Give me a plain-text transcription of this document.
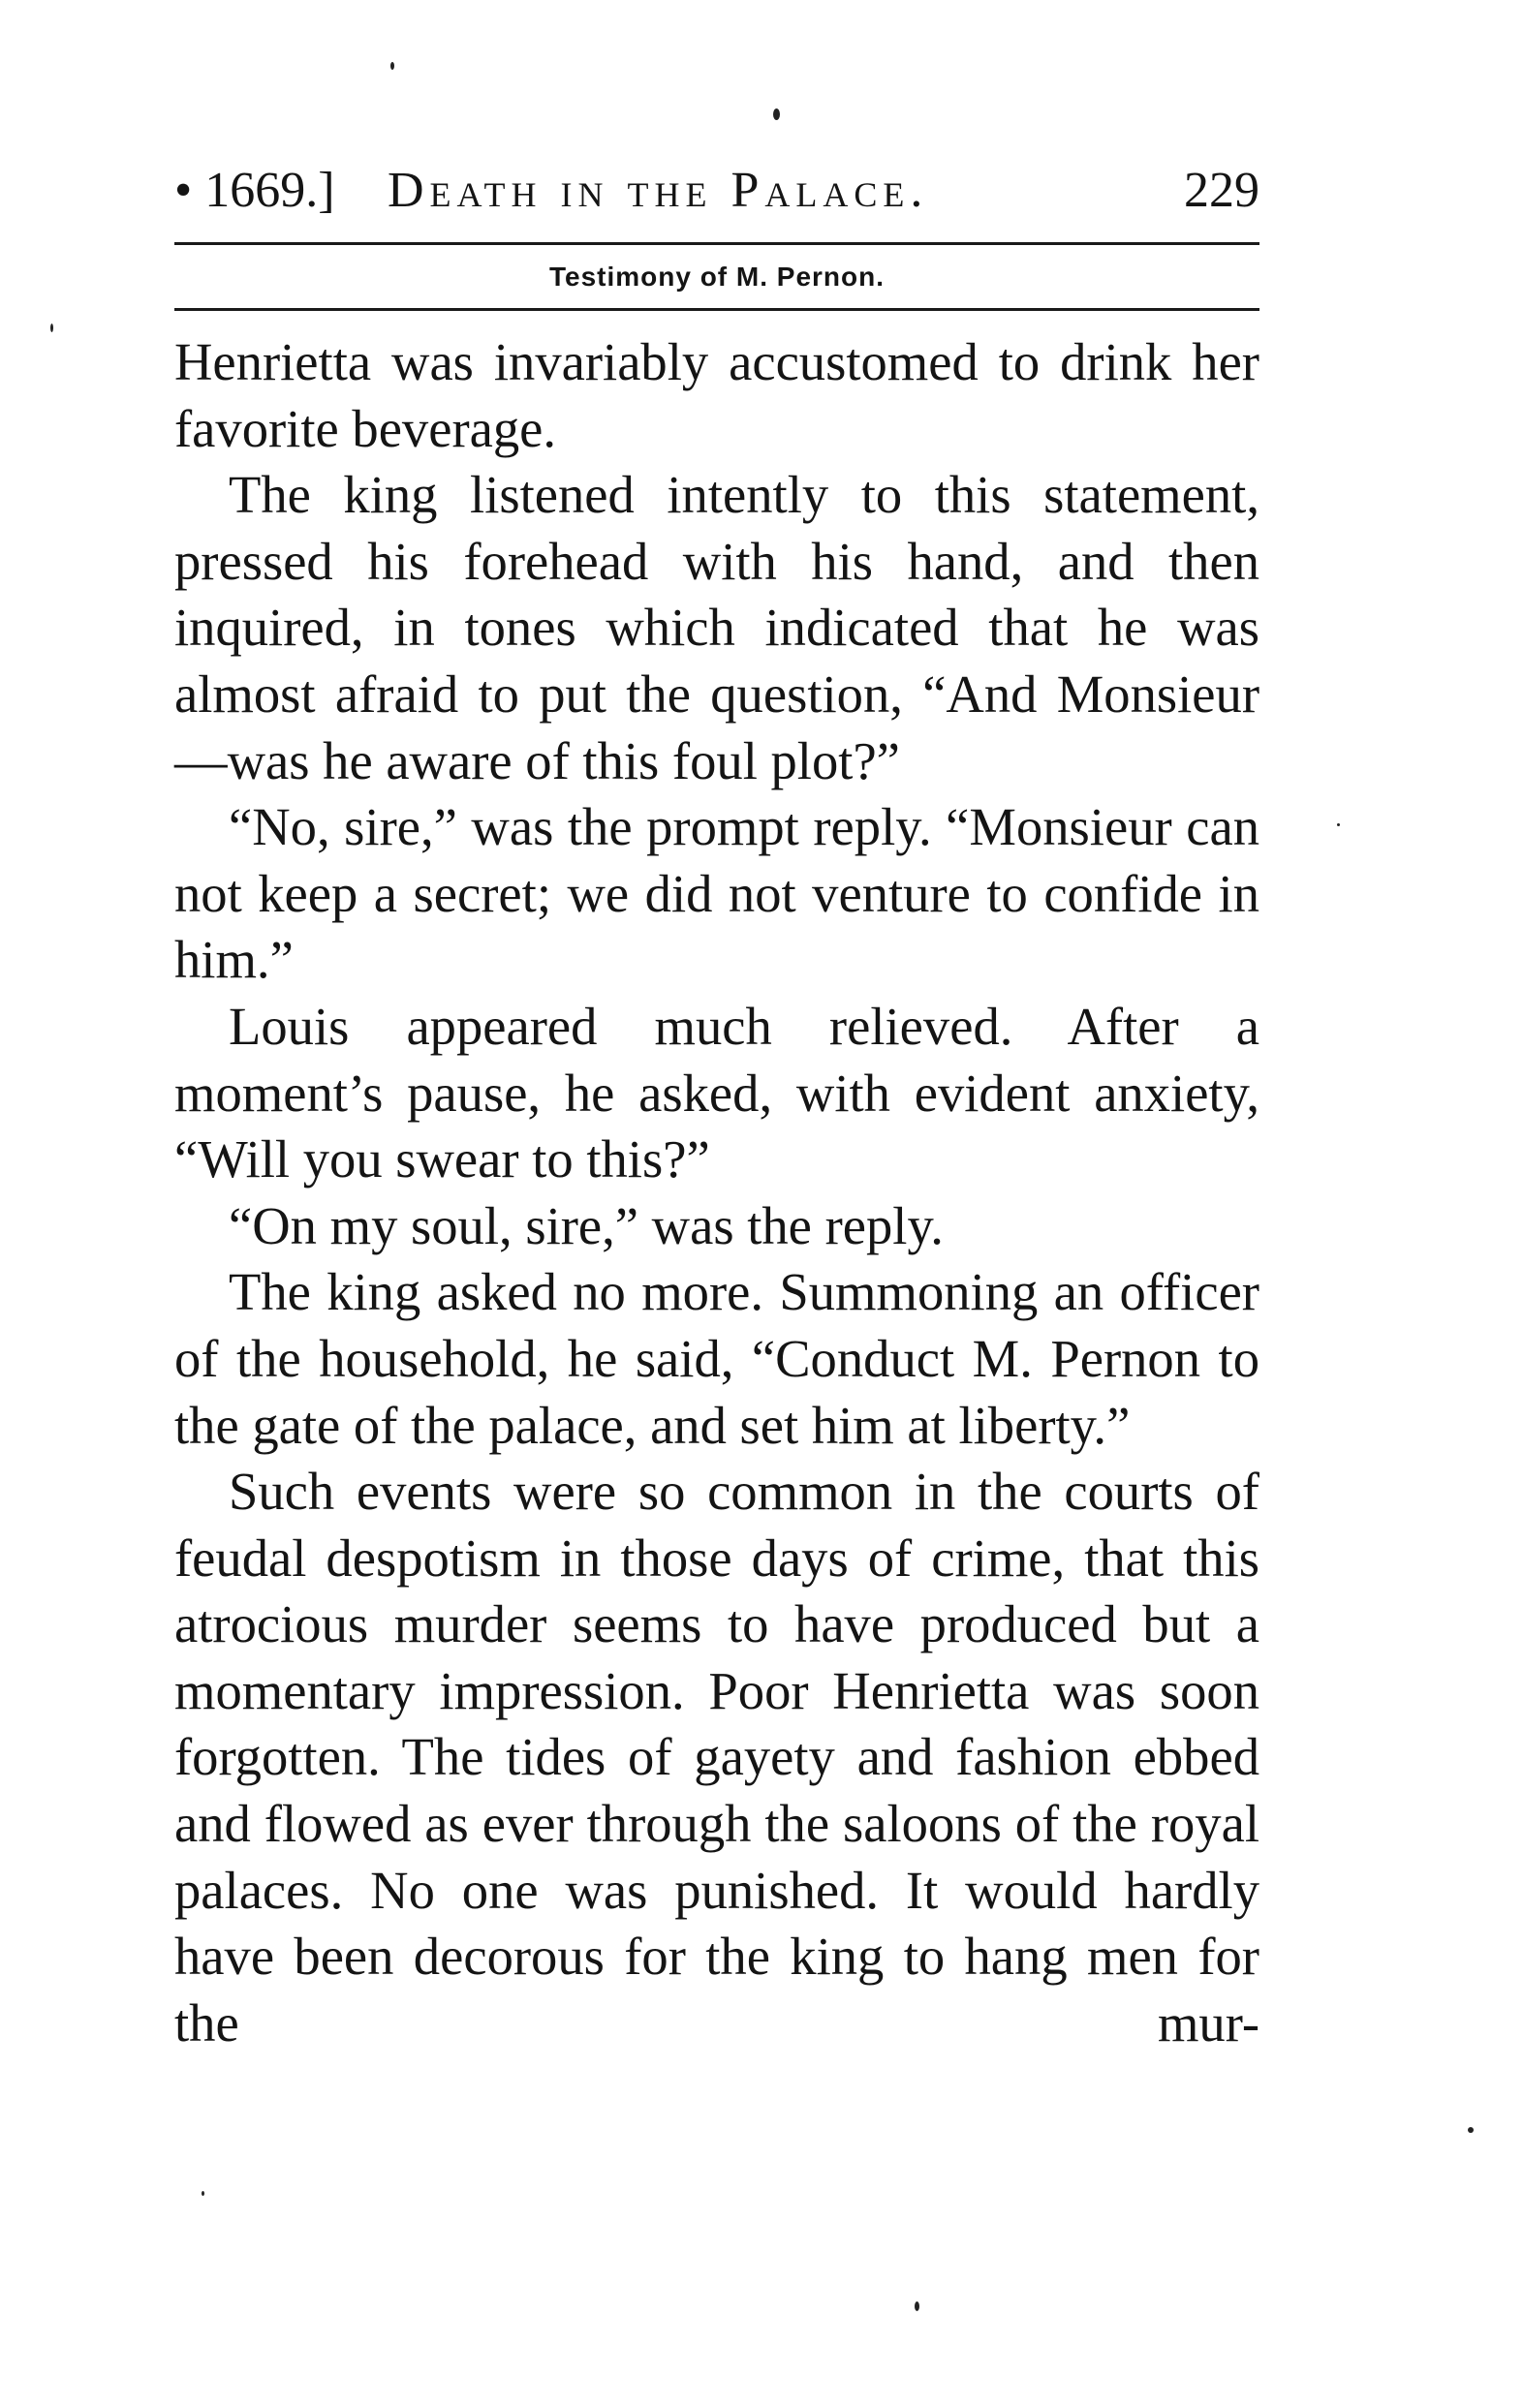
• 1669.] Death in the Palace.	229
Testimony of M. Pernon.

Henrietta was invariably accustomed to drink her favorite beverage.

The king listened intently to this statement, pressed his forehead with his hand, and then inquired, in tones which indicated that he was almost afraid to put the question, “And Monsieur—was he aware of this foul plot?”

“No, sire,” was the prompt reply. “Monsieur can not keep a secret; we did not venture to confide in him.”

Louis appeared much relieved. After a moment’s pause, he asked, with evident anxiety, “Will you swear to this?”

“On my soul, sire,” was the reply.

The king asked no more. Summoning an officer of the household, he said, “Conduct M. Pernon to the gate of the palace, and set him at liberty.”

Such events were so common in the courts of feudal despotism in those days of crime, that this atrocious murder seems to have produced but a momentary impression. Poor Henrietta was soon forgotten. The tides of gayety and fashion ebbed and flowed as ever through the saloons of the royal palaces. No one was punished. It would hardly have been decorous for the king to hang men for the mur-
